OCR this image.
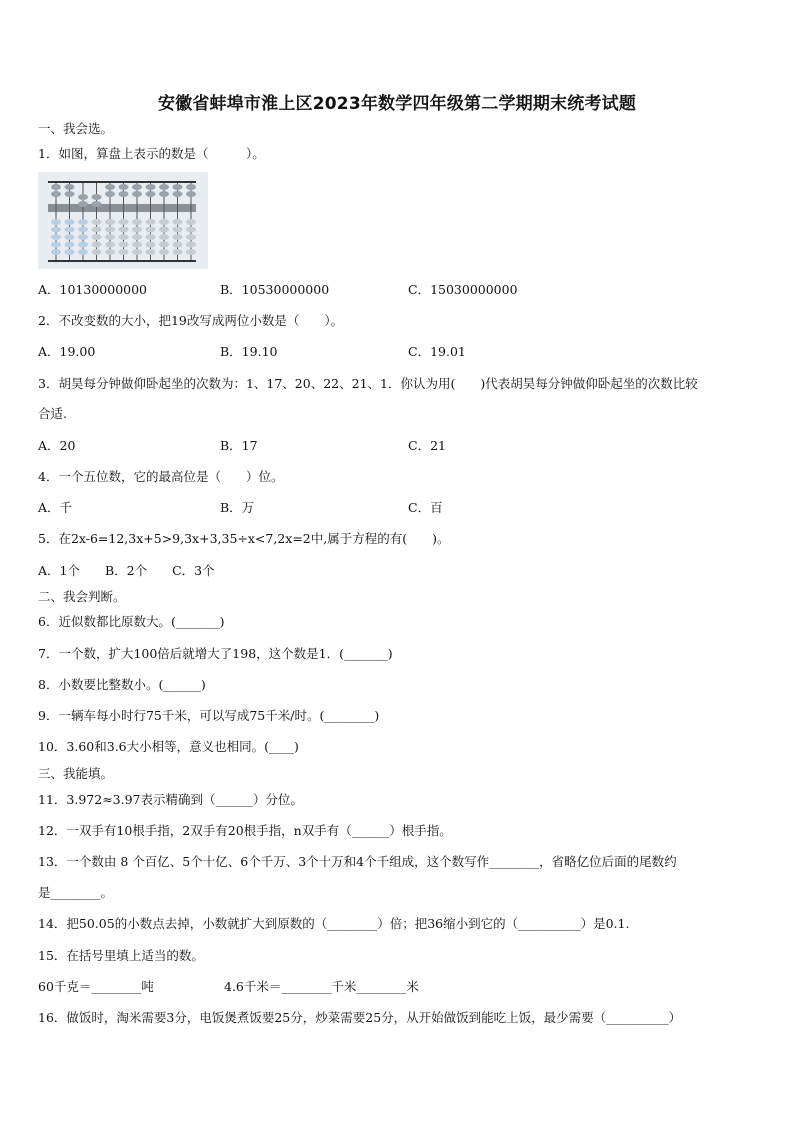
安徽省蚌埠市淮上区2023年数学四年级第二学期期末统考试题
一、我会选。
1．如图，算盘上表示的数是（　　　）。
A．10130000000	B．10530000000	C．15030000000
2．不改变数的大小，把19改写成两位小数是（　　）。
A．19.00	B．19.10	C．19.01
3．胡昊每分钟做仰卧起坐的次数为：1、17、20、22、21、1．你认为用(　　)代表胡昊每分钟做仰卧起坐的次数比较
合适.
A．20	B．17	C．21
4．一个五位数，它的最高位是（　　）位。
A．千	B．万	C．百
5．在2x-6=12,3x+5>9,3x+3,35÷x<7,2x=2中,属于方程的有(　　)。
A．1个　　B．2个　　C．3个
二、我会判断。
6．近似数都比原数大。(_______)
7．一个数，扩大100倍后就增大了198，这个数是1．(_______)
8．小数要比整数小。(______)
9．一辆车每小时行75千米，可以写成75千米/时。(________)
10．3.60和3.6大小相等，意义也相同。(____)
三、我能填。
11．3.972≈3.97表示精确到（______）分位。
12．一双手有10根手指，2双手有20根手指，n双手有（______）根手指。
13．一个数由 8 个百亿、5个十亿、6个千万、3个十万和4个千组成，这个数写作________，省略亿位后面的尾数约
是________。
14．把50.05的小数点去掉，小数就扩大到原数的（________）倍；把36缩小到它的（__________）是0.1.
15．在括号里填上适当的数。
60千克＝________吨	4.6千米＝________千米________米
16．做饭时，淘米需要3分，电饭煲煮饭要25分，炒菜需要25分，从开始做饭到能吃上饭，最少需要（__________）
